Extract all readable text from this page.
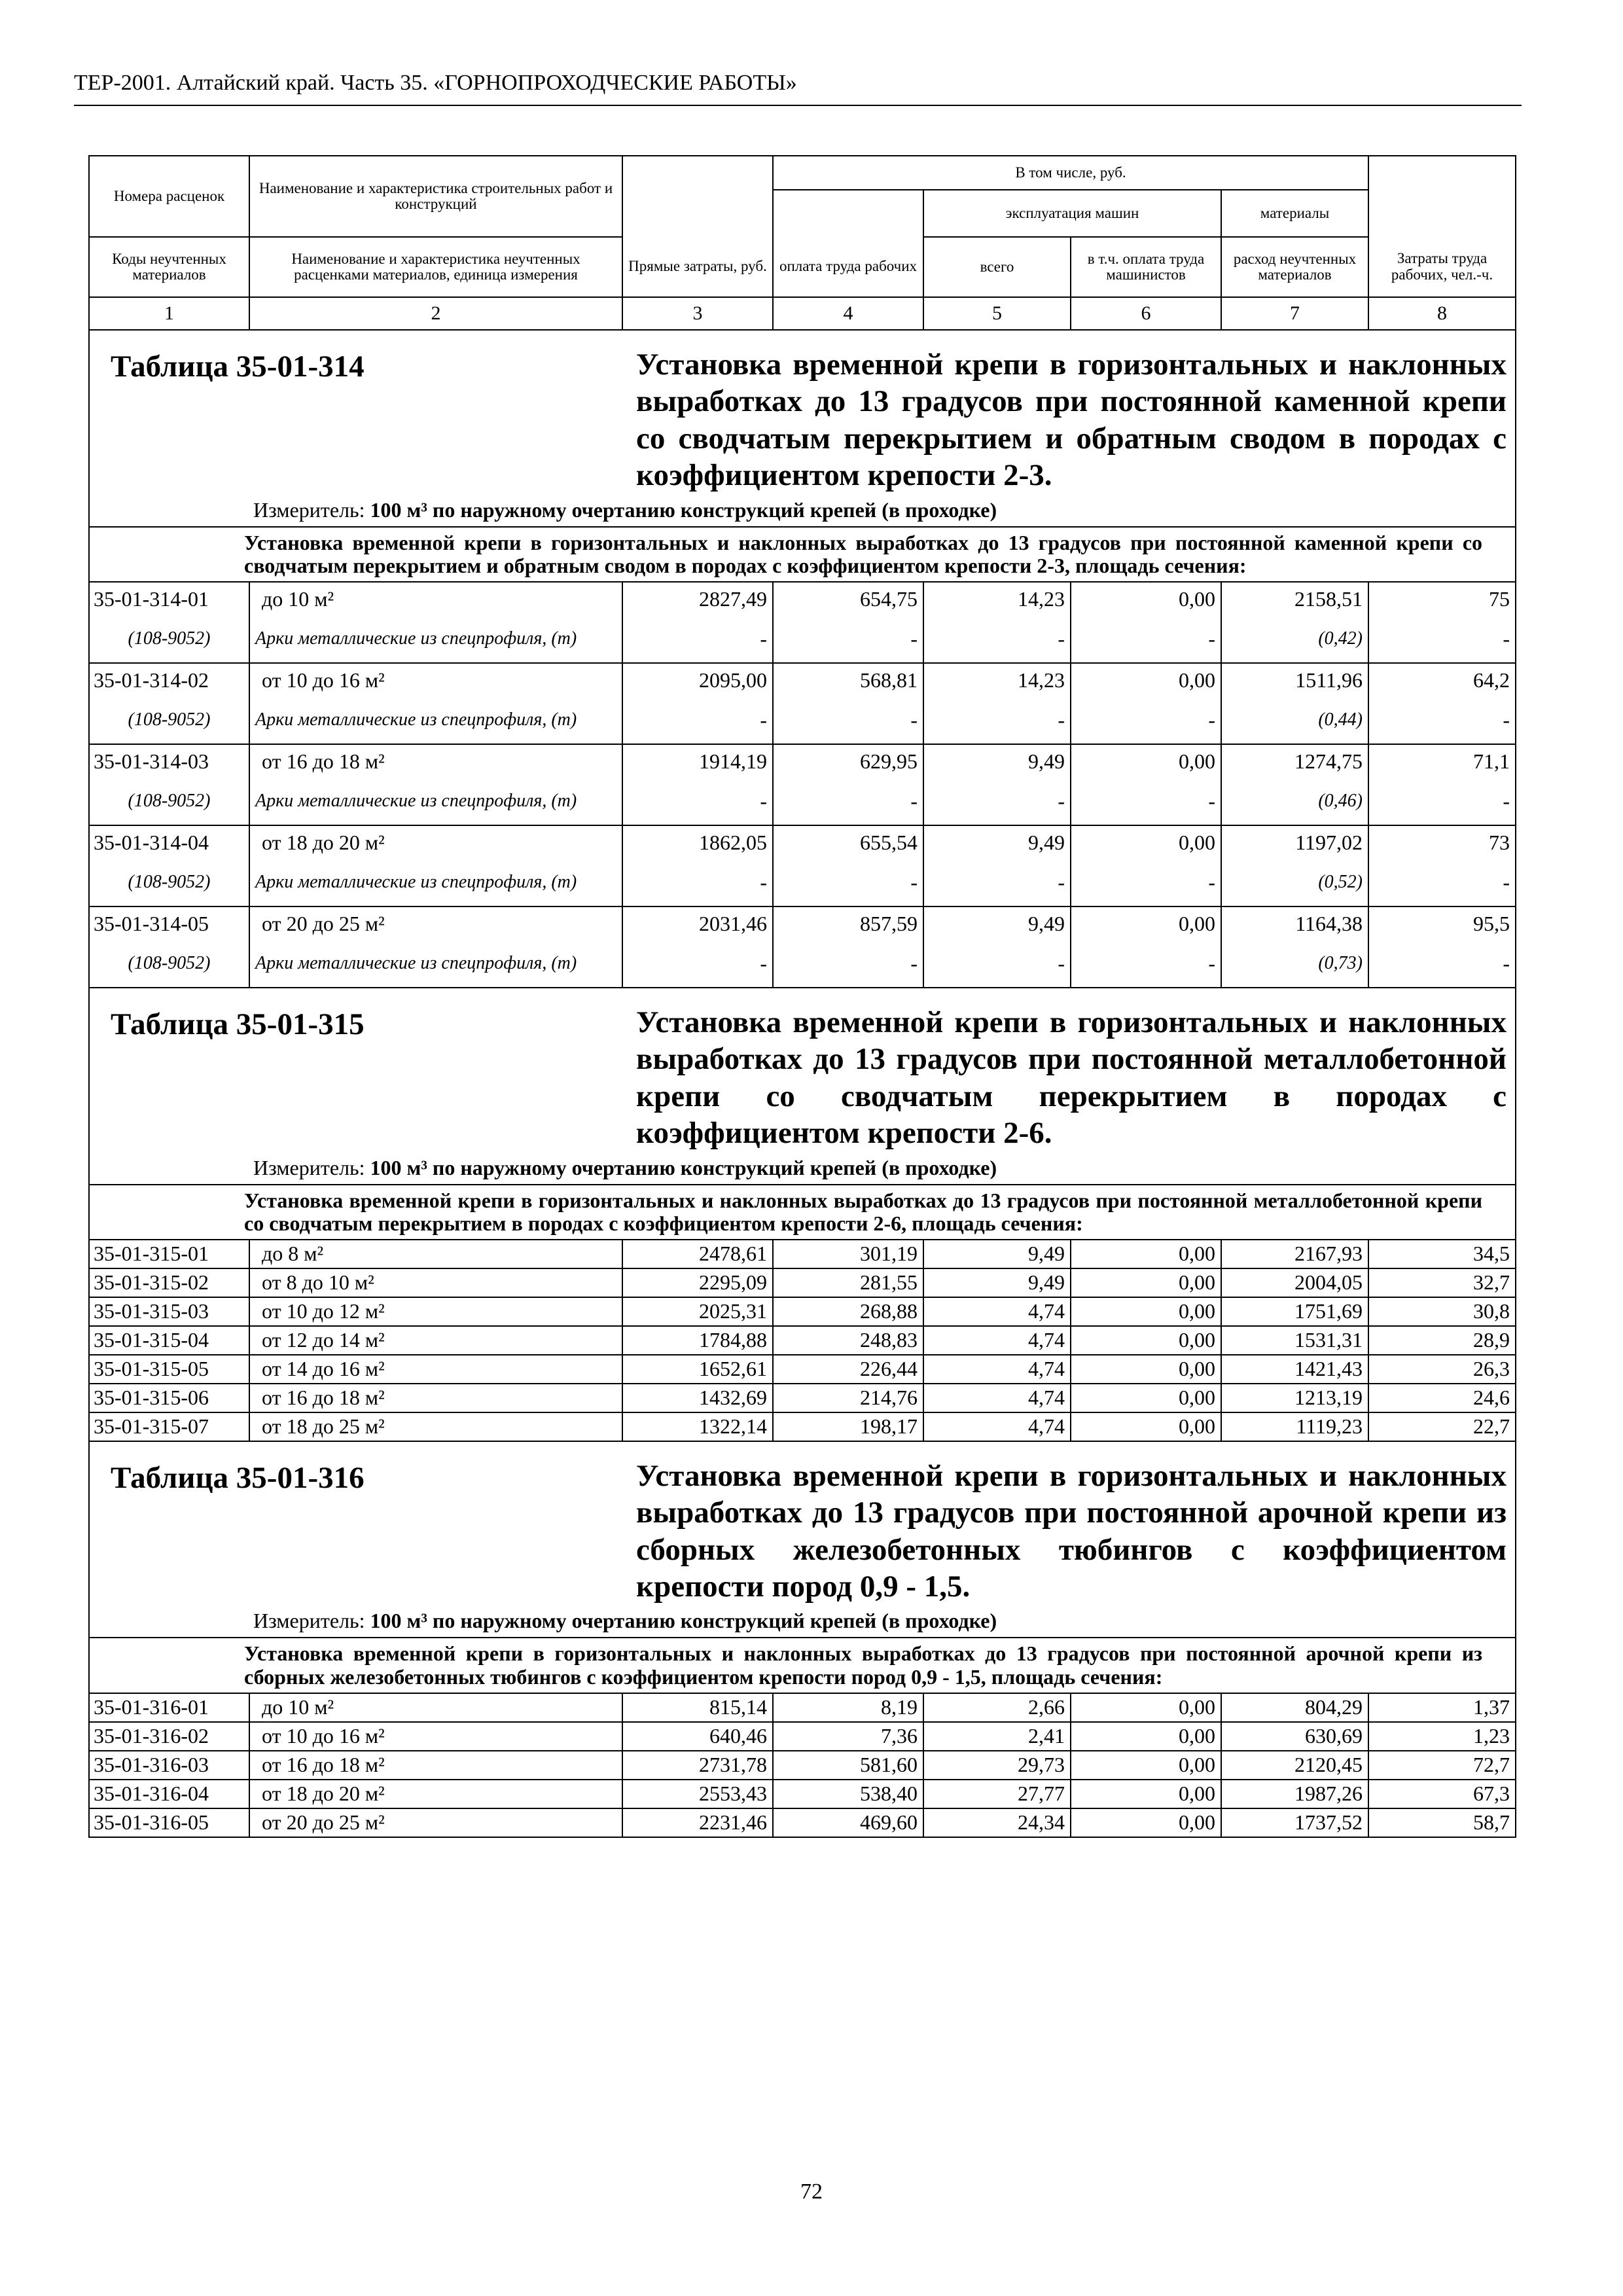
ТЕР-2001. Алтайский край. Часть 35. «ГОРНОПРОХОДЧЕСКИЕ РАБОТЫ»
Номера расценок	Наименование и характеристика строительных работ и конструкций		В том числе, руб.				
				эксплуатация машин		материалы	
Коды неучтенных материалов	Наименование и характеристика неучтенных расценками материалов, единица измерения	Прямые затраты, руб.	оплата труда рабочих	всего	в т.ч. оплата труда машинистов	расход неучтенных материалов	Затраты труда рабочих, чел.-ч.
1	2	3	4	5	6	7	8

Таблица 35-01-314 Установка временной крепи в горизонтальных и наклонных выработках до 13 градусов при постоянной каменной крепи со сводчатым перекрытием и обратным сводом в породах с коэффициентом крепости 2-3.
Измеритель: 100 м³ по наружному очертанию конструкций крепей (в проходке)							

Установка временной крепи в горизонтальных и наклонных выработках до 13 градусов при постоянной каменной крепи со сводчатым перекрытием и обратным сводом в породах с коэффициентом крепости 2-3, площадь сечения:							
35-01-314-01	до 10 м²	2827,49	654,75	14,23	0,00	2158,51	75
(108-9052)	Арки металлические из спецпрофиля, (т)	-	-	-	-	(0,42)	-
35-01-314-02	от 10 до 16 м²	2095,00	568,81	14,23	0,00	1511,96	64,2
(108-9052)	Арки металлические из спецпрофиля, (т)	-	-	-	-	(0,44)	-
35-01-314-03	от 16 до 18 м²	1914,19	629,95	9,49	0,00	1274,75	71,1
(108-9052)	Арки металлические из спецпрофиля, (т)	-	-	-	-	(0,46)	-
35-01-314-04	от 18 до 20 м²	1862,05	655,54	9,49	0,00	1197,02	73
(108-9052)	Арки металлические из спецпрофиля, (т)	-	-	-	-	(0,52)	-
35-01-314-05	от 20 до 25 м²	2031,46	857,59	9,49	0,00	1164,38	95,5
(108-9052)	Арки металлические из спецпрофиля, (т)	-	-	-	-	(0,73)	-

Таблица 35-01-315 Установка временной крепи в горизонтальных и наклонных выработках до 13 градусов при постоянной металлобетонной крепи со сводчатым перекрытием в породах с коэффициентом крепости 2-6.
Измеритель: 100 м³ по наружному очертанию конструкций крепей (в проходке)							

Установка временной крепи в горизонтальных и наклонных выработках до 13 градусов при постоянной металлобетонной крепи со сводчатым перекрытием в породах с коэффициентом крепости 2-6, площадь сечения:							
35-01-315-01	до 8 м²	2478,61	301,19	9,49	0,00	2167,93	34,5
35-01-315-02	от 8 до 10 м²	2295,09	281,55	9,49	0,00	2004,05	32,7
35-01-315-03	от 10 до 12 м²	2025,31	268,88	4,74	0,00	1751,69	30,8
35-01-315-04	от 12 до 14 м²	1784,88	248,83	4,74	0,00	1531,31	28,9
35-01-315-05	от 14 до 16 м²	1652,61	226,44	4,74	0,00	1421,43	26,3
35-01-315-06	от 16 до 18 м²	1432,69	214,76	4,74	0,00	1213,19	24,6
35-01-315-07	от 18 до 25 м²	1322,14	198,17	4,74	0,00	1119,23	22,7

Таблица 35-01-316 Установка временной крепи в горизонтальных и наклонных выработках до 13 градусов при постоянной арочной крепи из сборных железобетонных тюбингов с коэффициентом крепости пород 0,9 - 1,5.
Измеритель: 100 м³ по наружному очертанию конструкций крепей (в проходке)							

Установка временной крепи в горизонтальных и наклонных выработках до 13 градусов при постоянной арочной крепи из сборных железобетонных тюбингов с коэффициентом крепости пород 0,9 - 1,5, площадь сечения:							
35-01-316-01	до 10 м²	815,14	8,19	2,66	0,00	804,29	1,37
35-01-316-02	от 10 до 16 м²	640,46	7,36	2,41	0,00	630,69	1,23
35-01-316-03	от 16 до 18 м²	2731,78	581,60	29,73	0,00	2120,45	72,7
35-01-316-04	от 18 до 20 м²	2553,43	538,40	27,77	0,00	1987,26	67,3
35-01-316-05	от 20 до 25 м²	2231,46	469,60	24,34	0,00	1737,52	58,7
72
